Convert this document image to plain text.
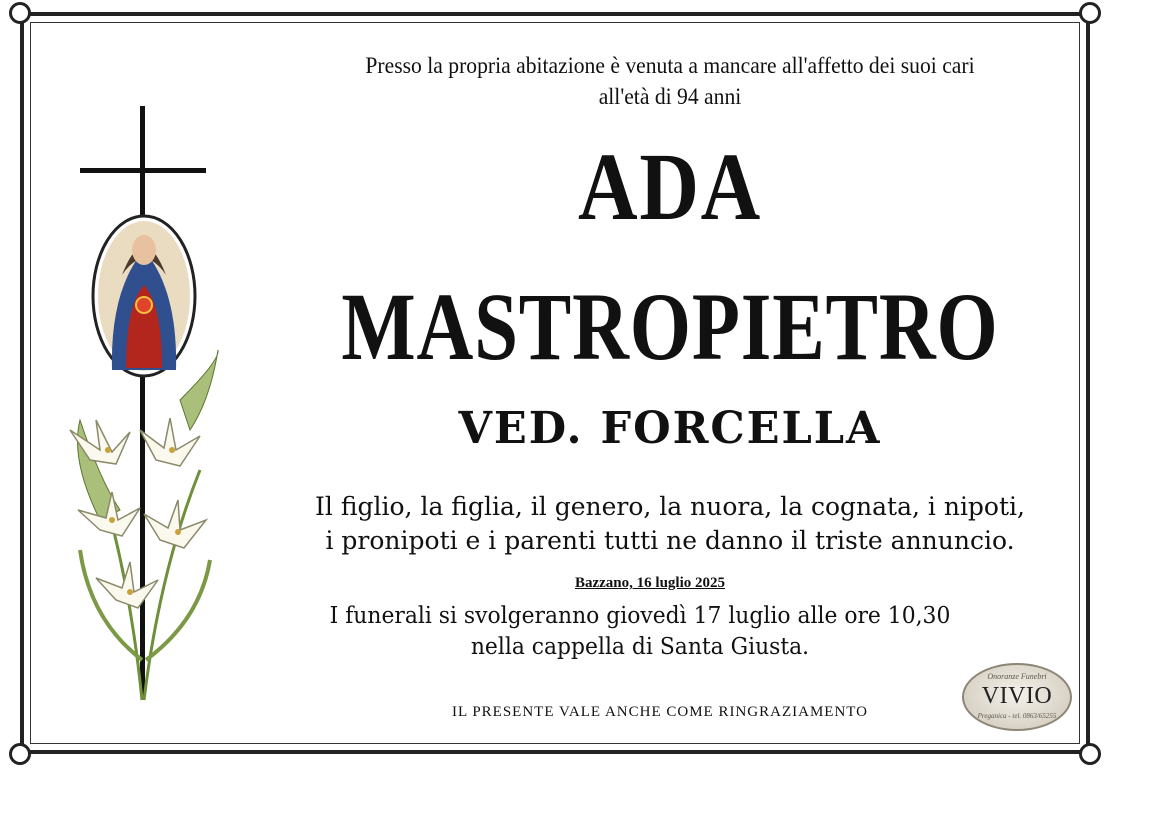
Presso la propria abitazione è venuta a mancare all'affetto dei suoi cari
all'età di 94 anni
ADA
MASTROPIETRO
VED. FORCELLA
Il figlio, la figlia, il genero, la nuora, la cognata, i nipoti,
i pronipoti e i parenti tutti ne danno il triste annuncio.
Bazzano, 16 luglio 2025
I funerali si svolgeranno giovedì 17 luglio alle ore 10,30
nella cappella di Santa Giusta.
IL PRESENTE VALE ANCHE COME RINGRAZIAMENTO
Onoranze Funebri
VIVIO
Preganica - tel. 0863/65255
